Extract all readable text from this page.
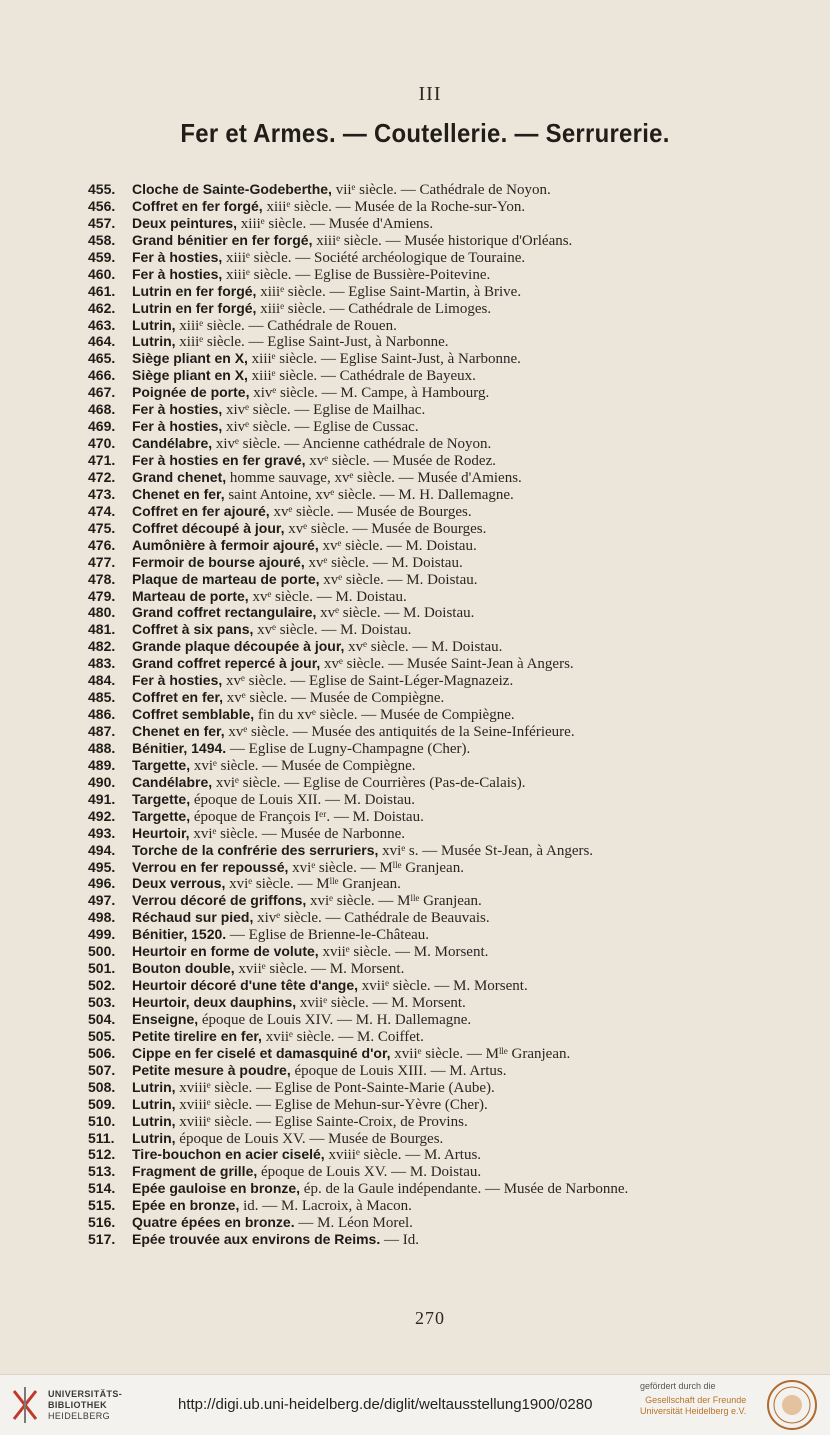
III
Fer et Armes. — Coutellerie. — Serrurerie.
455. Cloche de Sainte-Godeberthe, viiᵉ siècle. — Cathédrale de Noyon.
456. Coffret en fer forgé, xiiiᵉ siècle. — Musée de la Roche-sur-Yon.
457. Deux peintures, xiiiᵉ siècle. — Musée d'Amiens.
458. Grand bénitier en fer forgé, xiiiᵉ siècle. — Musée historique d'Orléans.
459. Fer à hosties, xiiiᵉ siècle. — Société archéologique de Touraine.
460. Fer à hosties, xiiiᵉ siècle. — Eglise de Bussière-Poitevine.
461. Lutrin en fer forgé, xiiiᵉ siècle. — Eglise Saint-Martin, à Brive.
462. Lutrin en fer forgé, xiiiᵉ siècle. — Cathédrale de Limoges.
463. Lutrin, xiiiᵉ siècle. — Cathédrale de Rouen.
464. Lutrin, xiiiᵉ siècle. — Eglise Saint-Just, à Narbonne.
465. Siège pliant en X, xiiiᵉ siècle. — Eglise Saint-Just, à Narbonne.
466. Siège pliant en X, xiiiᵉ siècle. — Cathédrale de Bayeux.
467. Poignée de porte, xivᵉ siècle. — M. Campe, à Hambourg.
468. Fer à hosties, xivᵉ siècle. — Eglise de Mailhac.
469. Fer à hosties, xivᵉ siècle. — Eglise de Cussac.
470. Candélabre, xivᵉ siècle. — Ancienne cathédrale de Noyon.
471. Fer à hosties en fer gravé, xvᵉ siècle. — Musée de Rodez.
472. Grand chenet, homme sauvage, xvᵉ siècle. — Musée d'Amiens.
473. Chenet en fer, saint Antoine, xvᵉ siècle. — M. H. Dallemagne.
474. Coffret en fer ajouré, xvᵉ siècle. — Musée de Bourges.
475. Coffret découpé à jour, xvᵉ siècle. — Musée de Bourges.
476. Aumônière à fermoir ajouré, xvᵉ siècle. — M. Doistau.
477. Fermoir de bourse ajouré, xvᵉ siècle. — M. Doistau.
478. Plaque de marteau de porte, xvᵉ siècle. — M. Doistau.
479. Marteau de porte, xvᵉ siècle. — M. Doistau.
480. Grand coffret rectangulaire, xvᵉ siècle. — M. Doistau.
481. Coffret à six pans, xvᵉ siècle. — M. Doistau.
482. Grande plaque découpée à jour, xvᵉ siècle. — M. Doistau.
483. Grand coffret repercé à jour, xvᵉ siècle. — Musée Saint-Jean à Angers.
484. Fer à hosties, xvᵉ siècle. — Eglise de Saint-Léger-Magnazeiz.
485. Coffret en fer, xvᵉ siècle. — Musée de Compiègne.
486. Coffret semblable, fin du xvᵉ siècle. — Musée de Compiègne.
487. Chenet en fer, xvᵉ siècle. — Musée des antiquités de la Seine-Inférieure.
488. Bénitier, 1494. — Eglise de Lugny-Champagne (Cher).
489. Targette, xviᵉ siècle. — Musée de Compiègne.
490. Candélabre, xviᵉ siècle. — Eglise de Courrières (Pas-de-Calais).
491. Targette, époque de Louis XII. — M. Doistau.
492. Targette, époque de François Iᵉʳ. — M. Doistau.
493. Heurtoir, xviᵉ siècle. — Musée de Narbonne.
494. Torche de la confrérie des serruriers, xviᵉ s. — Musée St-Jean, à Angers.
495. Verrou en fer repoussé, xviᵉ siècle. — Mˡˡᵉ Granjean.
496. Deux verrous, xviᵉ siècle. — Mˡˡᵉ Granjean.
497. Verrou décoré de griffons, xviᵉ siècle. — Mˡˡᵉ Granjean.
498. Réchaud sur pied, xivᵉ siècle. — Cathédrale de Beauvais.
499. Bénitier, 1520. — Eglise de Brienne-le-Château.
500. Heurtoir en forme de volute, xviiᵉ siècle. — M. Morsent.
501. Bouton double, xviiᵉ siècle. — M. Morsent.
502. Heurtoir décoré d'une tête d'ange, xviiᵉ siècle. — M. Morsent.
503. Heurtoir, deux dauphins, xviiᵉ siècle. — M. Morsent.
504. Enseigne, époque de Louis XIV. — M. H. Dallemagne.
505. Petite tirelire en fer, xviiᵉ siècle. — M. Coiffet.
506. Cippe en fer ciselé et damasquiné d'or, xviiᵉ siècle. — Mˡˡᵉ Granjean.
507. Petite mesure à poudre, époque de Louis XIII. — M. Artus.
508. Lutrin, xviiiᵉ siècle. — Eglise de Pont-Sainte-Marie (Aube).
509. Lutrin, xviiiᵉ siècle. — Eglise de Mehun-sur-Yèvre (Cher).
510. Lutrin, xviiiᵉ siècle. — Eglise Sainte-Croix, de Provins.
511. Lutrin, époque de Louis XV. — Musée de Bourges.
512. Tire-bouchon en acier ciselé, xviiiᵉ siècle. — M. Artus.
513. Fragment de grille, époque de Louis XV. — M. Doistau.
514. Epée gauloise en bronze, ép. de la Gaule indépendante. — Musée de Narbonne.
515. Epée en bronze, id. — M. Lacroix, à Macon.
516. Quatre épées en bronze. — M. Léon Morel.
517. Epée trouvée aux environs de Reims. — Id.
270
UNIVERSITÄTS-
BIBLIOTHEK
HEIDELBERG
http://digi.ub.uni-heidelberg.de/diglit/weltausstellung1900/0280
gefördert durch die
Gesellschaft der Freunde
Universität Heidelberg e.V.
